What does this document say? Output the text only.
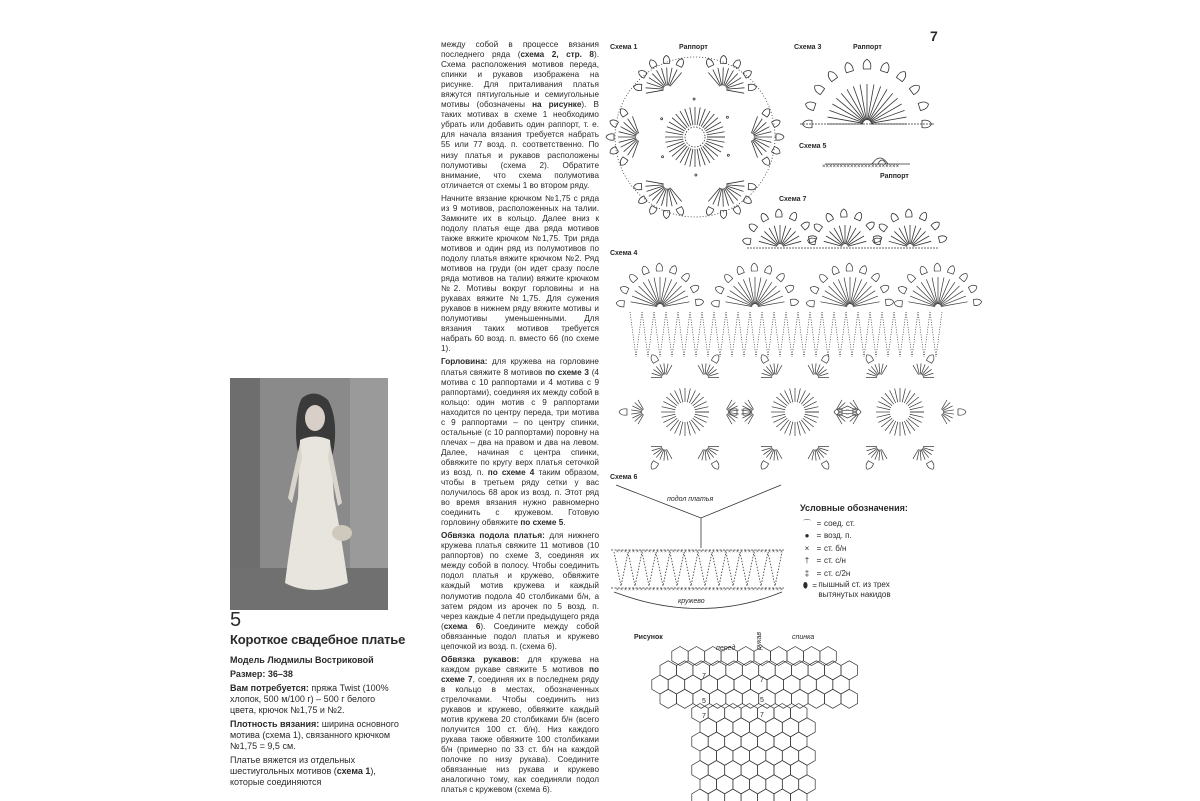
7
5
Короткое свадебное платье

Модель Людмилы Востриковой

Размер: 36–38

Вам потребуется: пряжа Twist (100% хлопок, 500 м/100 г) – 500 г белого цвета, крючок №1,75 и №2.

Плотность вязания: ширина основного мотива (схема 1), связанного крючком №1,75 = 9,5 см.

Платье вяжется из отдельных шестиугольных мотивов (схема 1), которые соединяются

между собой в процессе вязания последнего ряда (схема 2, стр. 8). Схема расположения мотивов переда, спинки и рукавов изображена на рисунке. Для приталивания платья вяжутся пятиугольные и семиугольные мотивы (обозначены на рисунке). В таких мотивах в схеме 1 необходимо убрать или добавить один раппорт, т. е. для начала вязания требуется набрать 55 или 77 возд. п. соответственно. По низу платья и рукавов расположены полумотивы (схема 2). Обратите внимание, что схема полумотива отличается от схемы 1 во втором ряду.

Начните вязание крючком №1,75 с ряда из 9 мотивов, расположенных на талии. Замкните их в кольцо. Далее вниз к подолу платья еще два ряда мотивов также вяжите крючком №1,75. Три ряда мотивов и один ряд из полумотивов по подолу платья вяжите крючком №2. Ряд мотивов на груди (он идет сразу после ряда мотивов на талии) вяжите крючком №2. Мотивы вокруг горловины и на рукавах вяжите №1,75. Для сужения рукавов в нижнем ряду вяжите мотивы и полумотивы уменьшенными. Для вязания таких мотивов требуется набрать 60 возд. п. вместо 66 (по схеме 1).

Горловина: для кружева на горловине платья свяжите 8 мотивов по схеме 3 (4 мотива с 10 раппортами и 4 мотива с 9 раппортами), соединяя их между собой в кольцо: один мотив с 9 раппортами находится по центру переда, три мотива с 9 раппортами – по центру спинки, остальные (с 10 раппортами) поровну на плечах – два на правом и два на левом. Далее, начиная с центра спинки, обвяжите по кругу верх платья сеточкой из возд. п. по схеме 4 таким образом, чтобы в третьем ряду сетки у вас получилось 68 арок из возд. п. Этот ряд во время вязания нужно равномерно соединить с кружевом. Готовую горловину обвяжите по схеме 5.

Обвязка подола платья: для нижнего кружева платья свяжите 11 мотивов (10 раппортов) по схеме 3, соединяя их между собой в полосу. Чтобы соединить подол платья и кружево, обвяжите каждый мотив кружева и каждый полумотив подола 40 столбиками б/н, а затем рядом из арочек по 5 возд. п. через каждые 4 петли предыдущего ряда (схема 6). Соедините между собой обвязанные подол платья и кружево цепочкой из возд. п. (схема 6).

Обвязка рукавов: для кружева на каждом рукаве свяжите 5 мотивов по схеме 7, соединяя их в последнем ряду в кольцо в местах, обозначенных стрелочками. Чтобы соединить низ рукавов и кружево, обвяжите каждый мотив кружева 20 столбиками б/н (всего получится 100 ст. б/н). Низ каждого рукава также обвяжите 100 столбиками б/н (примерно по 33 ст. б/н на каждой полочке по низу рукава). Соедините обвязанные низ рукава и кружево аналогично тому, как соединяли подол платья с кружевом (схема 6).

Схема 1	Раппорт	Схема 3	Раппорт
Схема 5
Раппорт
Схема 7
Схема 4
Схема 6
подол платья
кружево
Рисунок
перед
спинка
рукав
7
5
7
5
7
7
××××××××××××××××××××××
× × × × × × × × × × × × × × × × × × × × × × × × × × × × × × × × × × × × × × × × × ×
× × × × × × × × × × × × × × × × × × × × × × × × × × × × × × × × × × × × × × × × × ×
Условные обозначения:
⌒ = соед. ст.
● = возд. п.
× = ст. б/н
† = ст. с/н
‡ = ст. с/2н
⬮ = пышный ст. из трех вытянутых накидов
